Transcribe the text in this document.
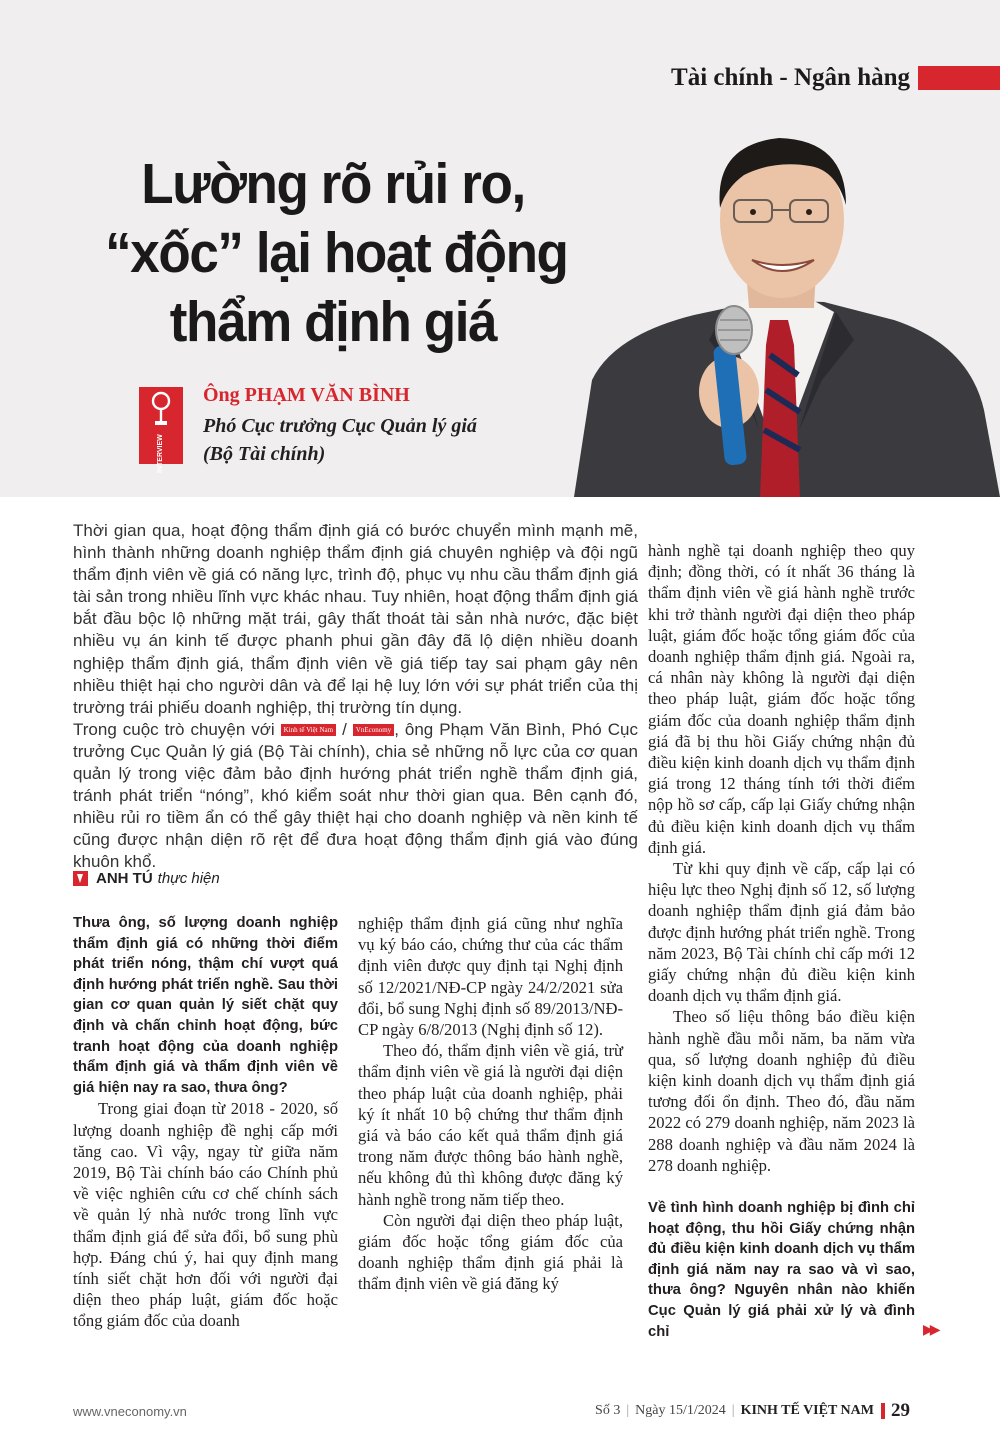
Tài chính - Ngân hàng
Lường rõ rủi ro,
“xốc” lại hoạt động
thẩm định giá
INTERVIEW
Ông PHẠM VĂN BÌNH
Phó Cục trưởng Cục Quản lý giá
(Bộ Tài chính)

Thời gian qua, hoạt động thẩm định giá có bước chuyển mình mạnh mẽ, hình thành những doanh nghiệp thẩm định giá chuyên nghiệp và đội ngũ thẩm định viên về giá có năng lực, trình độ, phục vụ nhu cầu thẩm định giá tài sản trong nhiều lĩnh vực khác nhau. Tuy nhiên, hoạt động thẩm định giá bắt đầu bộc lộ những mặt trái, gây thất thoát tài sản nhà nước, đặc biệt nhiều vụ án kinh tế được phanh phui gần đây đã lộ diện nhiều doanh nghiệp thẩm định giá, thẩm định viên về giá tiếp tay sai phạm gây nên nhiều thiệt hại cho người dân và để lại hệ luỵ lớn với sự phát triển của thị trường trái phiếu doanh nghiệp, thị trường tín dụng.

Trong cuộc trò chuyện với Kinh tế Việt Nam / VnEconomy , ông Phạm Văn Bình, Phó Cục trưởng Cục Quản lý giá (Bộ Tài chính), chia sẻ những nỗ lực của cơ quan quản lý trong việc đảm bảo định hướng phát triển nghề thẩm định giá, tránh phát triển “nóng”, khó kiểm soát như thời gian qua. Bên cạnh đó, nhiều rủi ro tiềm ẩn có thể gây thiệt hại cho doanh nghiệp và nền kinh tế cũng được nhận diện rõ rệt để đưa hoạt động thẩm định giá vào đúng khuôn khổ.

ANH TÚ thực hiện

Thưa ông, số lượng doanh nghiệp thẩm định giá có những thời điểm phát triển nóng, thậm chí vượt quá định hướng phát triển nghề. Sau thời gian cơ quan quản lý siết chặt quy định và chấn chỉnh hoạt động, bức tranh hoạt động của doanh nghiệp thẩm định giá và thẩm định viên về giá hiện nay ra sao, thưa ông?

Trong giai đoạn từ 2018 - 2020, số lượng doanh nghiệp đề nghị cấp mới tăng cao. Vì vậy, ngay từ giữa năm 2019, Bộ Tài chính báo cáo Chính phủ về việc nghiên cứu cơ chế chính sách về quản lý nhà nước trong lĩnh vực thẩm định giá để sửa đổi, bổ sung phù hợp. Đáng chú ý, hai quy định mang tính siết chặt hơn đối với người đại diện theo pháp luật, giám đốc hoặc tổng giám đốc của doanh

nghiệp thẩm định giá cũng như nghĩa vụ ký báo cáo, chứng thư của các thẩm định viên được quy định tại Nghị định số 12/2021/NĐ-CP ngày 24/2/2021 sửa đổi, bổ sung Nghị định số 89/2013/NĐ-CP ngày 6/8/2013 (Nghị định số 12).

Theo đó, thẩm định viên về giá, trừ thẩm định viên về giá là người đại diện theo pháp luật của doanh nghiệp, phải ký ít nhất 10 bộ chứng thư thẩm định giá và báo cáo kết quả thẩm định giá trong năm được thông báo hành nghề, nếu không đủ thì không được đăng ký hành nghề trong năm tiếp theo.

Còn người đại diện theo pháp luật, giám đốc hoặc tổng giám đốc của doanh nghiệp thẩm định giá phải là thẩm định viên về giá đăng ký

hành nghề tại doanh nghiệp theo quy định; đồng thời, có ít nhất 36 tháng là thẩm định viên về giá hành nghề trước khi trở thành người đại diện theo pháp luật, giám đốc hoặc tổng giám đốc của doanh nghiệp thẩm định giá. Ngoài ra, cá nhân này không là người đại diện theo pháp luật, giám đốc hoặc tổng giám đốc của doanh nghiệp thẩm định giá đã bị thu hồi Giấy chứng nhận đủ điều kiện kinh doanh dịch vụ thẩm định giá trong 12 tháng tính tới thời điểm nộp hồ sơ cấp, cấp lại Giấy chứng nhận đủ điều kiện kinh doanh dịch vụ thẩm định giá.

Từ khi quy định về cấp, cấp lại có hiệu lực theo Nghị định số 12, số lượng doanh nghiệp thẩm định giá đảm bảo được định hướng phát triển nghề. Trong năm 2023, Bộ Tài chính chỉ cấp mới 12 giấy chứng nhận đủ điều kiện kinh doanh dịch vụ thẩm định giá.

Theo số liệu thông báo điều kiện hành nghề đầu mỗi năm, ba năm vừa qua, số lượng doanh nghiệp đủ điều kiện kinh doanh dịch vụ thẩm định giá tương đối ổn định. Theo đó, đầu năm 2022 có 279 doanh nghiệp, năm 2023 là 288 doanh nghiệp và đầu năm 2024 là 278 doanh nghiệp.

Về tình hình doanh nghiệp bị đình chỉ hoạt động, thu hồi Giấy chứng nhận đủ điều kiện kinh doanh dịch vụ thẩm định giá năm nay ra sao và vì sao, thưa ông? Nguyên nhân nào khiến Cục Quản lý giá phải xử lý và đình chỉ	▶▶
www.vneconomy.vn	Số 3 | Ngày 15/1/2024 | KINH TẾ VIỆT NAM 29
